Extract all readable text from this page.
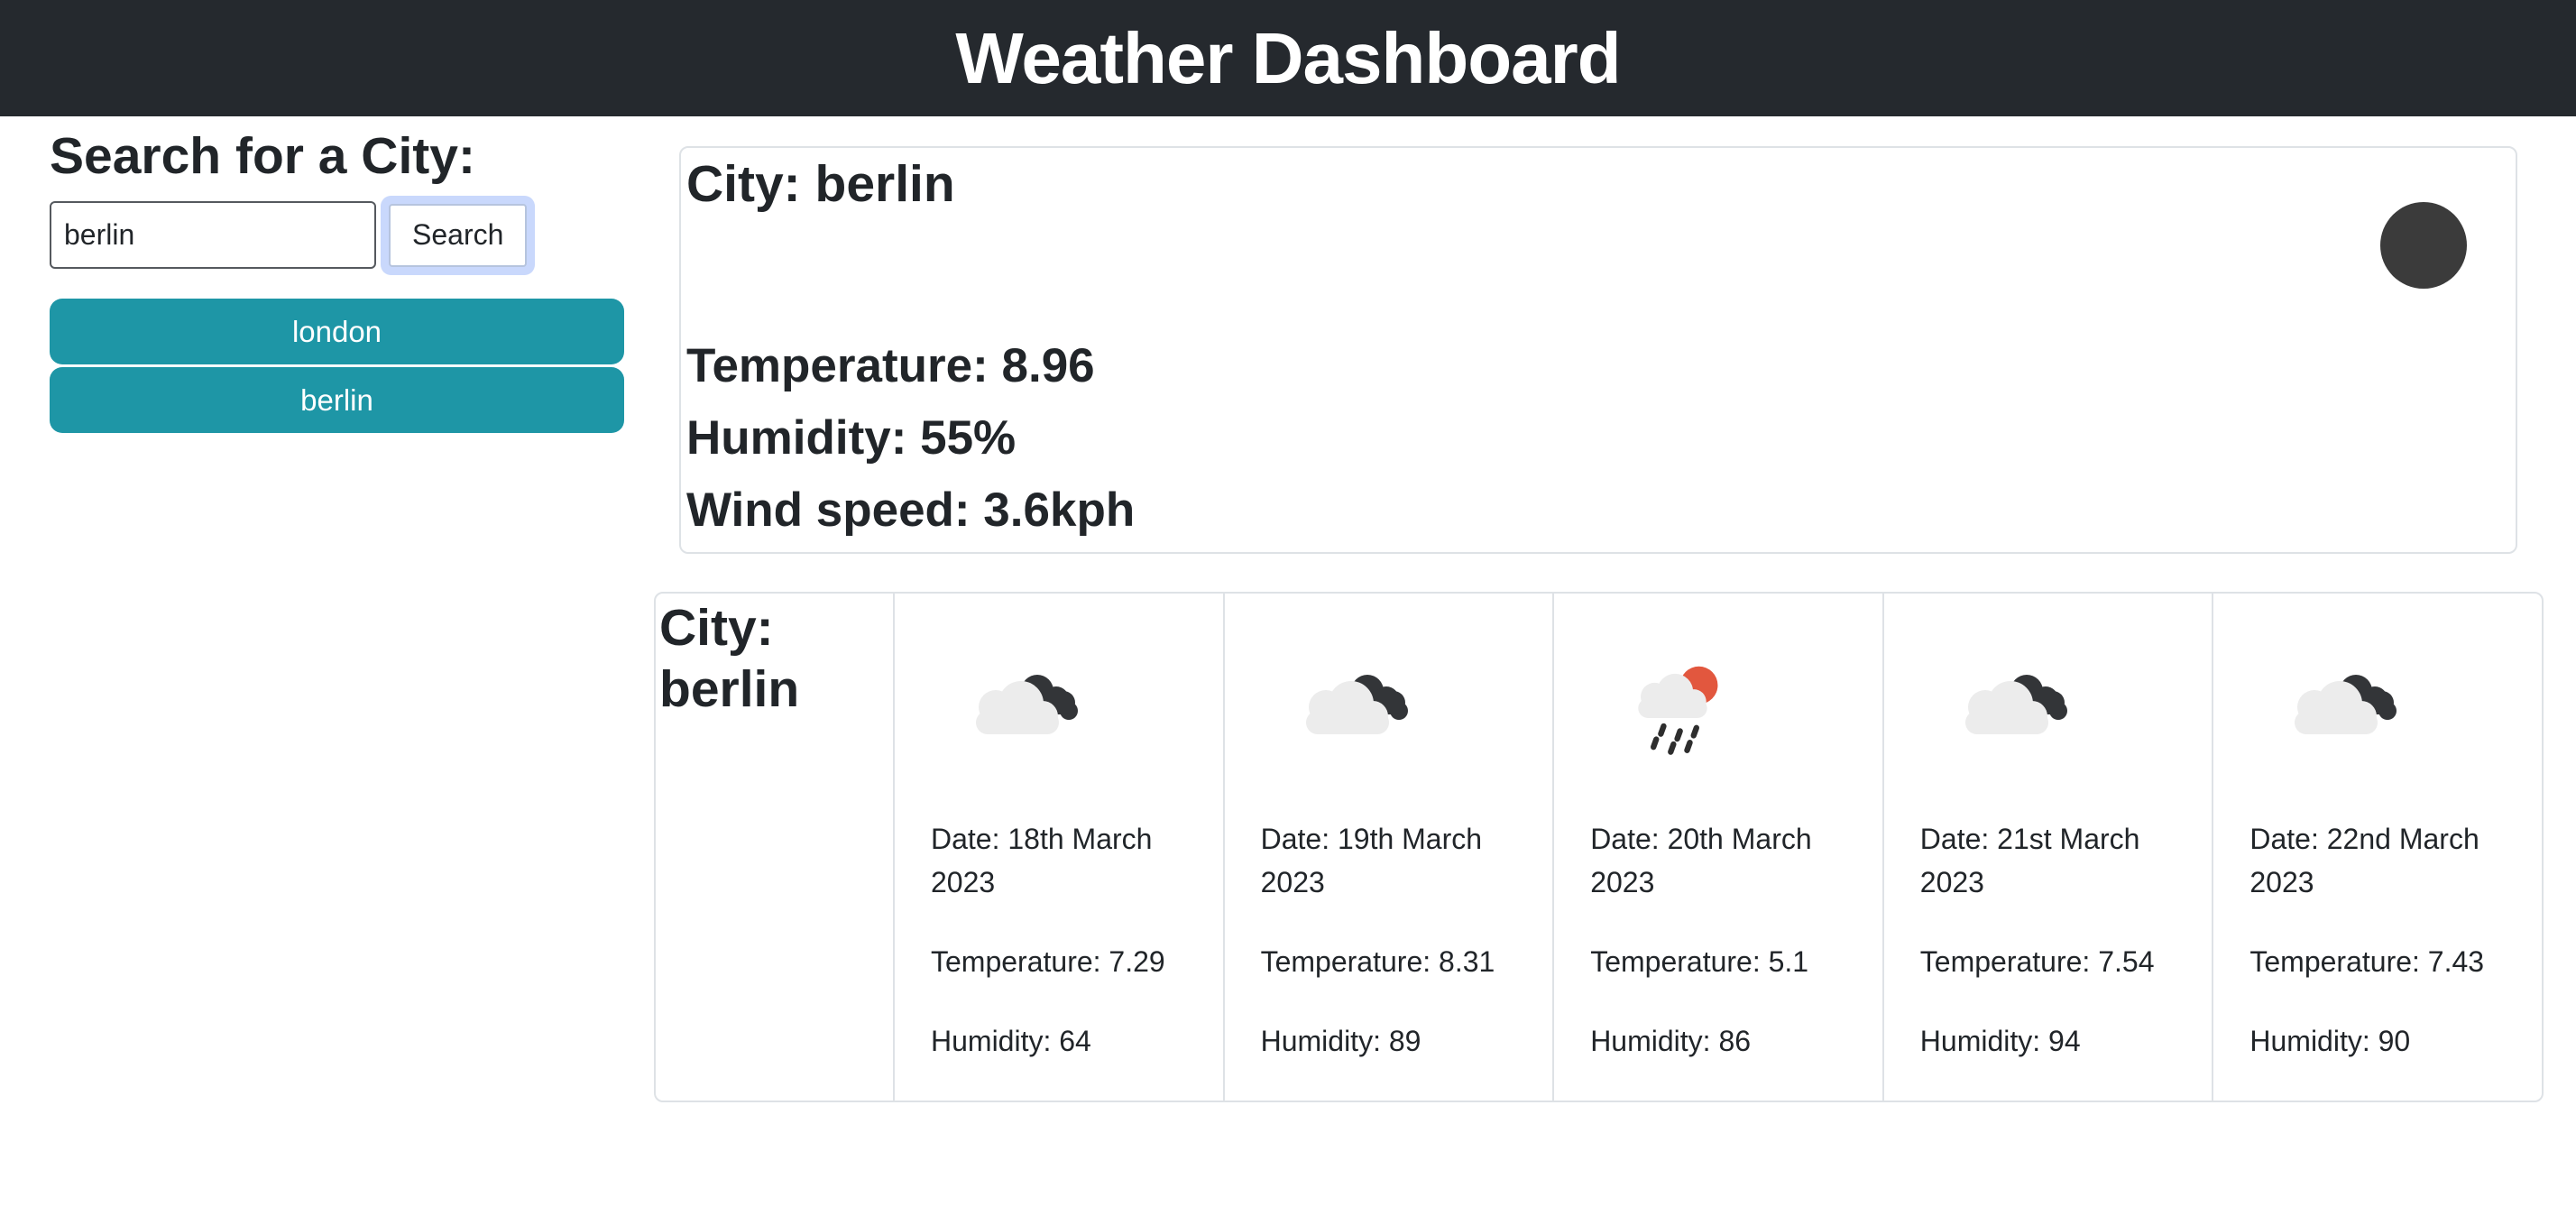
Weather Dashboard
Search for a City:
berlin
Search
london
berlin
City: berlin

Temperature: 8.96

Humidity: 55%

Wind speed: 3.6kph

City: berlin

Date: 18th March 2023

Temperature: 7.29

Humidity: 64

Date: 19th March 2023

Temperature: 8.31

Humidity: 89

Date: 20th March 2023

Temperature: 5.1

Humidity: 86

Date: 21st March 2023

Temperature: 7.54

Humidity: 94

Date: 22nd March 2023

Temperature: 7.43

Humidity: 90
